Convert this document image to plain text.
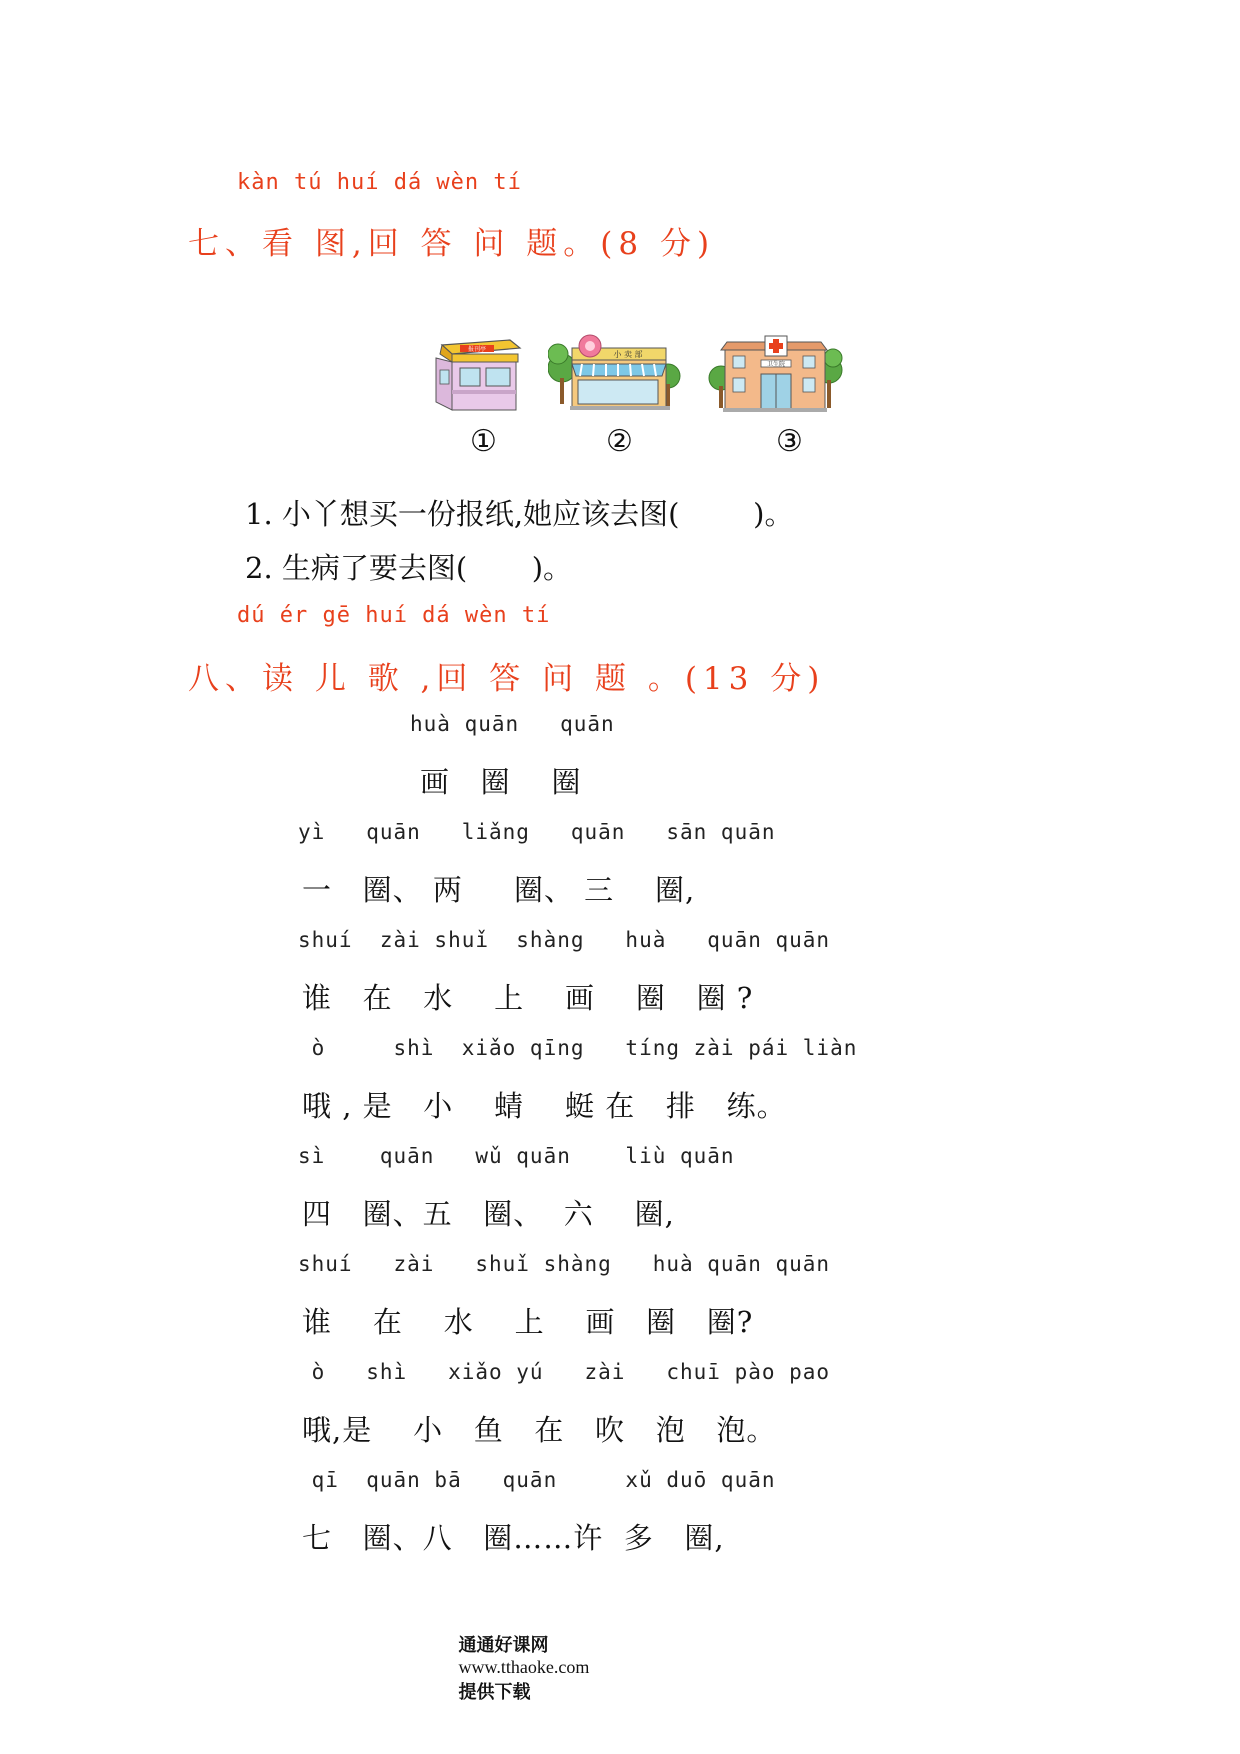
kàn tú huí dá wèn tí
七、看 图,回 答 问 题。(8 分)
报刊亭
小 卖 部
卫生院
①	②	③
1. 小丫想买一份报纸,她应该去图(        )。
2. 生病了要去图(       )。
dú ér gē huí dá wèn tí
八、读 儿 歌 ,回 答 问 题 。(13 分)
huà quān   quān
画   圈    圈
yì   quān   liǎng   quān   sān quān
一   圈、 两     圈、 三    圈,
shuí  zài shuǐ  shàng   huà   quān quān
谁   在   水    上    画    圈   圈 ?
ò     shì  xiǎo qīng   tíng zài pái liàn
哦 , 是   小    蜻    蜓 在   排   练。
sì    quān   wǔ quān    liù quān
四   圈、五   圈、  六    圈,
shuí   zài   shuǐ shàng   huà quān quān
谁    在    水    上    画   圈   圈?
ò   shì   xiǎo yú   zài   chuī pào pao
哦,是    小   鱼   在   吹   泡   泡。
qī  quān bā   quān     xǔ duō quān
七   圈、八   圈……许  多   圈,

通通好课网
www.tthaoke.com
提供下载
